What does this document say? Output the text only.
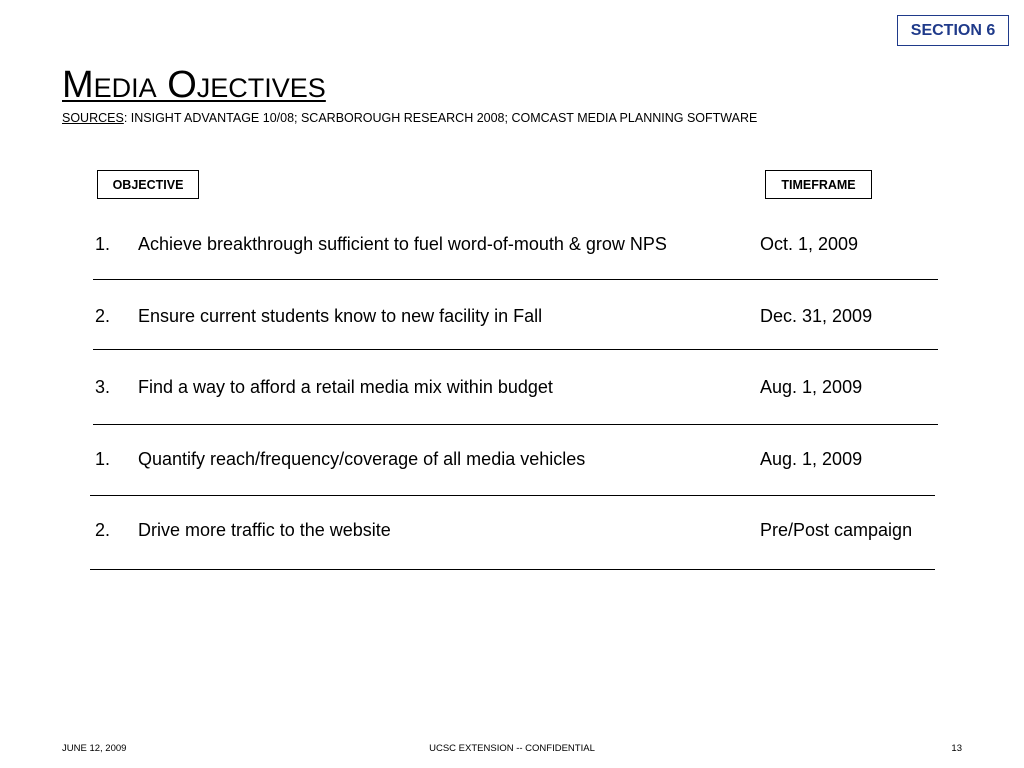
SECTION 6
Media Ojectives
SOURCES: INSIGHT ADVANTAGE 10/08; SCARBOROUGH RESEARCH 2008; COMCAST MEDIA PLANNING SOFTWARE
OBJECTIVE	TIMEFRAME
1. Achieve breakthrough sufficient to fuel word-of-mouth & grow NPS	Oct. 1, 2009
2. Ensure current students know to new facility in Fall	Dec. 31, 2009
3. Find a way to afford a retail media mix within budget	Aug. 1, 2009
1. Quantify reach/frequency/coverage of all media vehicles	Aug. 1, 2009
2. Drive more traffic to the website	Pre/Post campaign
JUNE 12, 2009	UCSC EXTENSION -- CONFIDENTIAL	13
